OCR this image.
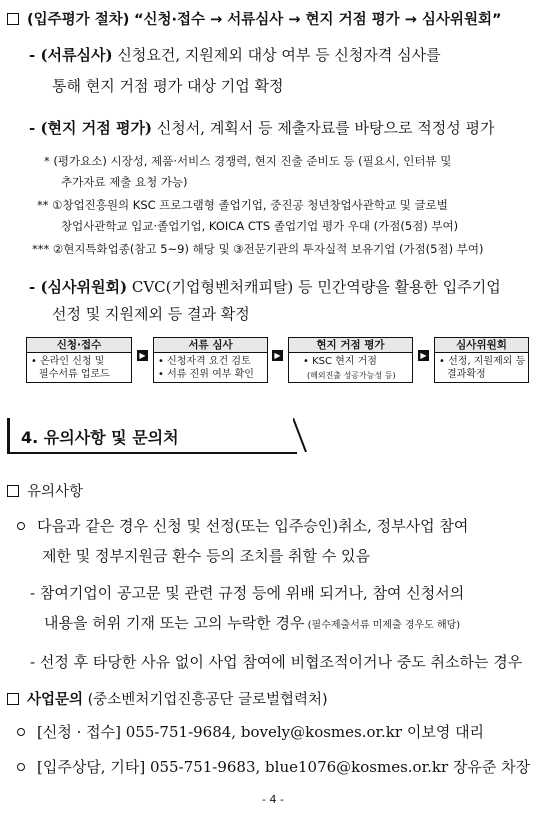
(입주평가 절차) “신청·접수 → 서류심사 → 현지 거점 평가 → 심사위원회”
- (서류심사) 신청요건, 지원제외 대상 여부 등 신청자격 심사를
통해 현지 거점 평가 대상 기업 확정
- (현지 거점 평가) 신청서, 계획서 등 제출자료를 바탕으로 적정성 평가
* (평가요소) 시장성, 제품·서비스 경쟁력, 현지 진출 준비도 등 (필요시, 인터뷰 및
추가자료 제출 요청 가능)
** ①창업진흥원의 KSC 프로그램형 졸업기업, 중진공 청년창업사관학교 및 글로벌
창업사관학교 입교·졸업기업, KOICA CTS 졸업기업 평가 우대 (가점(5점) 부여)
*** ②현지특화업종(참고 5~9) 해당 및 ③전문기관의 투자실적 보유기업 (가점(5점) 부여)
- (심사위원회) CVC(기업형벤처캐피탈) 등 민간역량을 활용한 입주기업
선정 및 지원제외 등 결과 확정
신청·접수
• 온라인 신청 및
필수서류 업로드
▶
서류 심사
• 신청자격 요건 검토
• 서류 진위 여부 확인
▶
현지 거점 평가
• KSC 현지 거점
(해외진출 성공가능성 등)
▶
심사위원회
• 선정, 지원제외 등
결과확정
4. 유의사항 및 문의처
유의사항
다음과 같은 경우 신청 및 선정(또는 입주승인)취소, 정부사업 참여
제한 및 정부지원금 환수 등의 조치를 취할 수 있음
- 참여기업이 공고문 및 관련 규정 등에 위배 되거나, 참여 신청서의
내용을 허위 기재 또는 고의 누락한 경우 (필수제출서류 미제출 경우도 해당)
- 선정 후 타당한 사유 없이 사업 참여에 비협조적이거나 중도 취소하는 경우
사업문의 (중소벤처기업진흥공단 글로벌협력처)
[신청 · 접수] 055-751-9684, bovely@kosmes.or.kr 이보영 대리
[입주상담, 기타] 055-751-9683, blue1076@kosmes.or.kr 장유준 차장
- 4 -
